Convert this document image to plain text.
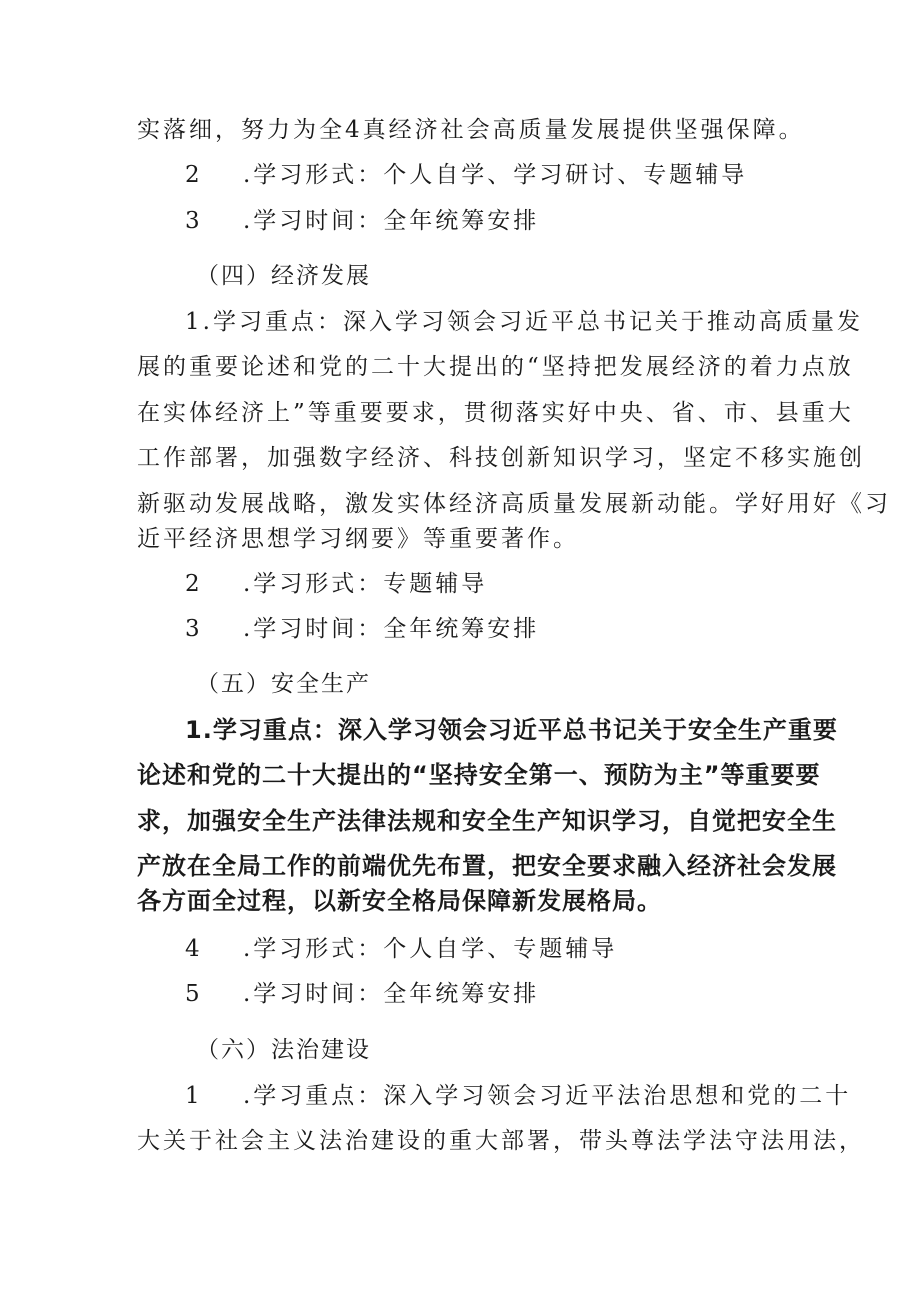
实落细，努力为全4真经济社会高质量发展提供坚强保障。
2 .学习形式：个人自学、学习研讨、专题辅导
3 .学习时间：全年统筹安排
（四）经济发展
1.学习重点：深入学习领会习近平总书记关于推动高质量发
展的重要论述和党的二十大提出的“坚持把发展经济的着力点放
在实体经济上”等重要要求，贯彻落实好中央、省、市、县重大
工作部署，加强数字经济、科技创新知识学习，坚定不移实施创
新驱动发展战略，激发实体经济高质量发展新动能。学好用好《习
近平经济思想学习纲要》等重要著作。
2 .学习形式：专题辅导
3 .学习时间：全年统筹安排
（五）安全生产
1.学习重点：深入学习领会习近平总书记关于安全生产重要
论述和党的二十大提出的“坚持安全第一、预防为主”等重要要
求，加强安全生产法律法规和安全生产知识学习，自觉把安全生
产放在全局工作的前端优先布置，把安全要求融入经济社会发展
各方面全过程，以新安全格局保障新发展格局。
4 .学习形式：个人自学、专题辅导
5 .学习时间：全年统筹安排
（六）法治建设
1 .学习重点：深入学习领会习近平法治思想和党的二十
大关于社会主义法治建设的重大部署，带头尊法学法守法用法，
